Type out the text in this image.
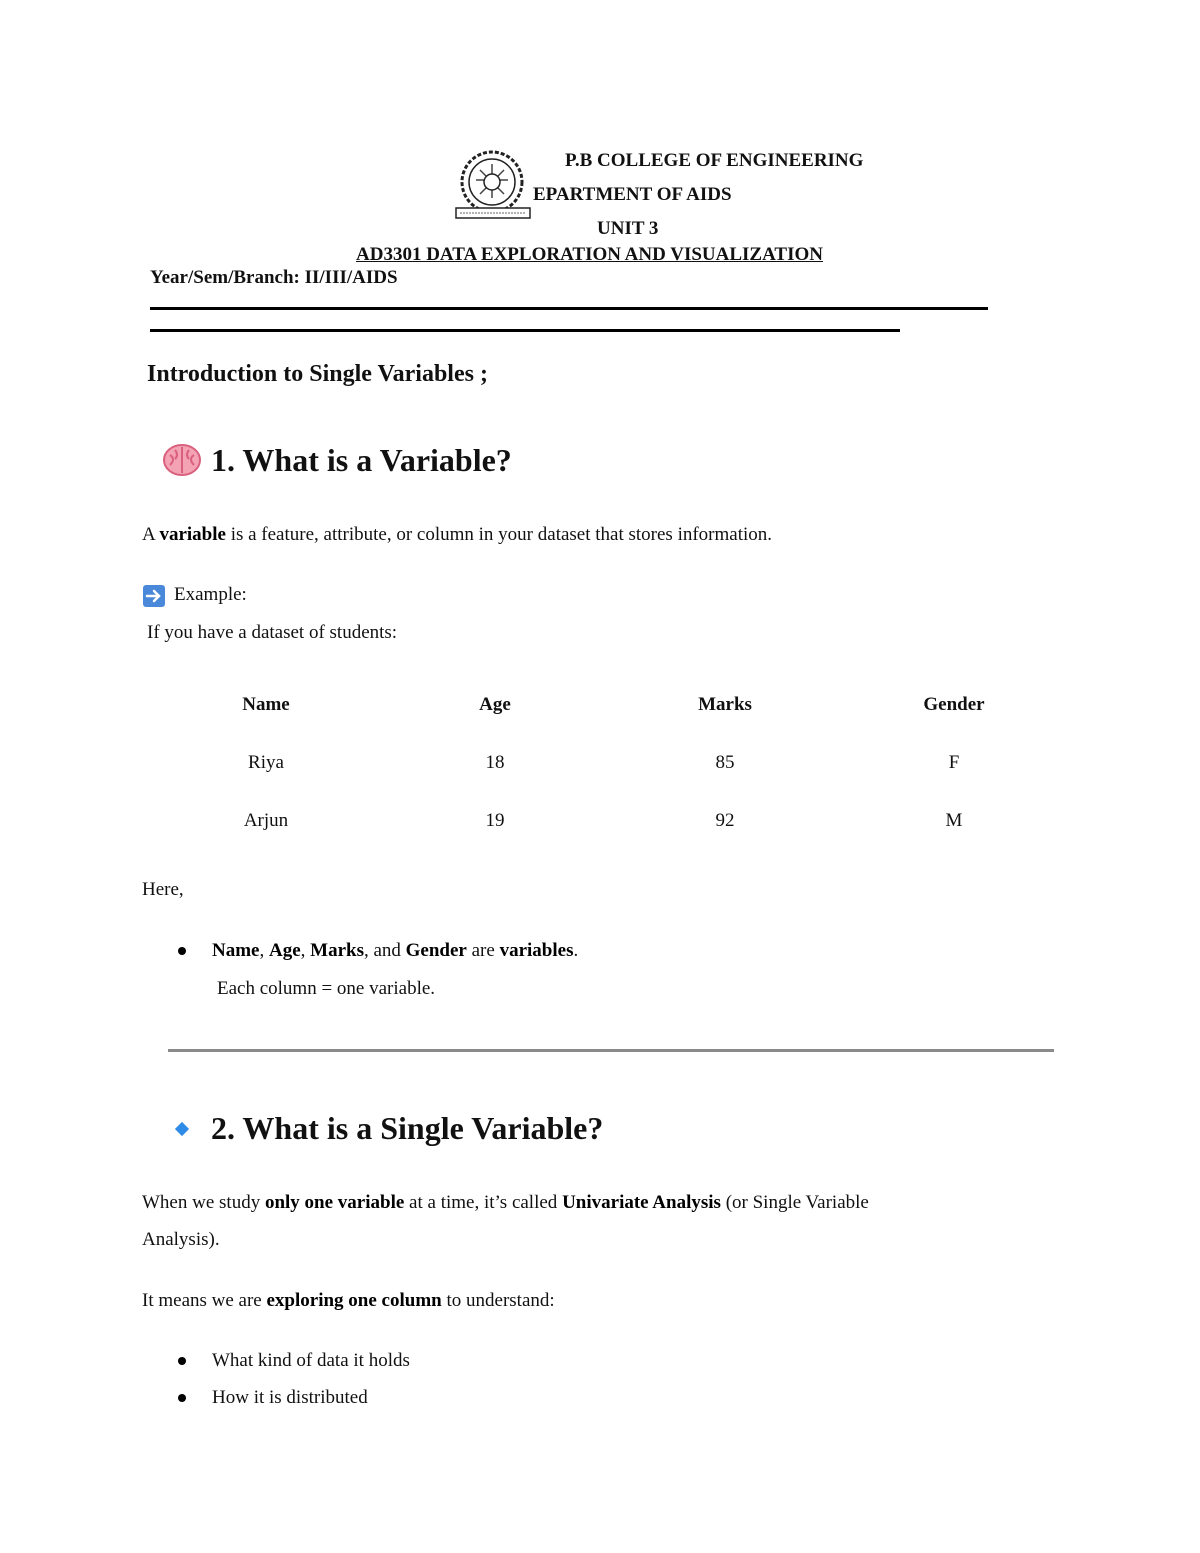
P.B COLLEGE OF ENGINEERING
EPARTMENT OF AIDS
UNIT 3
AD3301 DATA EXPLORATION AND VISUALIZATION
Year/Sem/Branch: II/III/AIDS
Introduction to Single Variables ;
1. What is a Variable?
A variable is a feature, attribute, or column in your dataset that stores information.
Example:
If you have a dataset of students:
Name	Age	Marks	Gender
Riya	18	85	F
Arjun	19	92	M
Here,
Name, Age, Marks, and Gender are variables.
Each column = one variable.
2. What is a Single Variable?
When we study only one variable at a time, it’s called Univariate Analysis (or Single Variable
Analysis).
It means we are exploring one column to understand:
What kind of data it holds
How it is distributed
